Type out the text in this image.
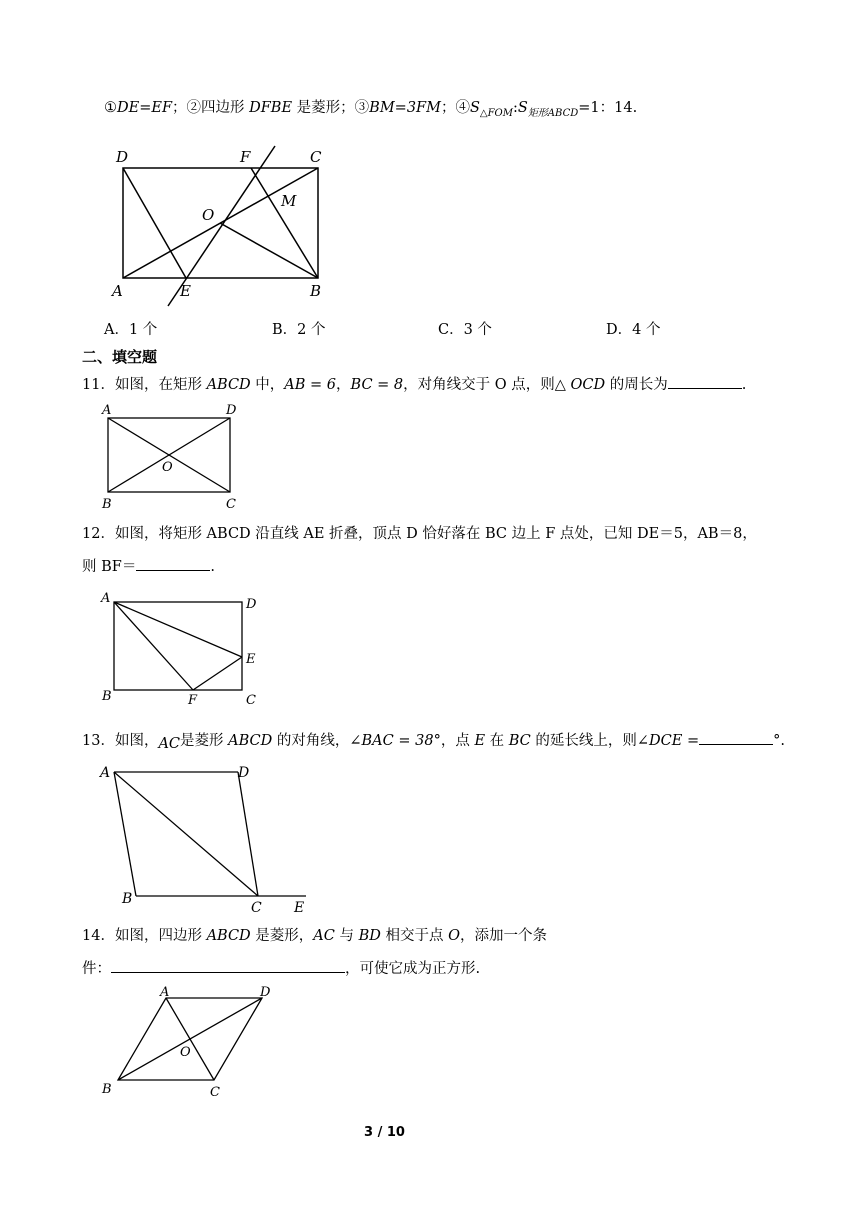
①DE=EF；②四边形 DFBE 是菱形；③BM=3FM；$④S_{\triangle FOM}:S_{矩形ABCD}=1$：14.
D	F	C
O
M
A	E	B
A．1 个	B．2 个	C．3 个	D．4 个
二、填空题
11．如图，在矩形 ABCD 中，AB = 6，BC = 8，对角线交于 O 点，则△ OCD 的周长为	.
A	D
O
B	C
12．如图，将矩形 ABCD 沿直线 AE 折叠，顶点 D 恰好落在 BC 边上 F 点处，已知 DE＝5，AB＝8，
则 BF＝	.
A	D
E
B	F	C
13．如图，AC是菱形 ABCD 的对角线，∠BAC = 38°，点 E 在 BC 的延长线上，则∠DCE =	°.
A	D
B
C E
14．如图，四边形 ABCD 是菱形，AC 与 BD 相交于点 O，添加一个条
件：	，可使它成为正方形.
A	D
O
B	C
3 / 10
